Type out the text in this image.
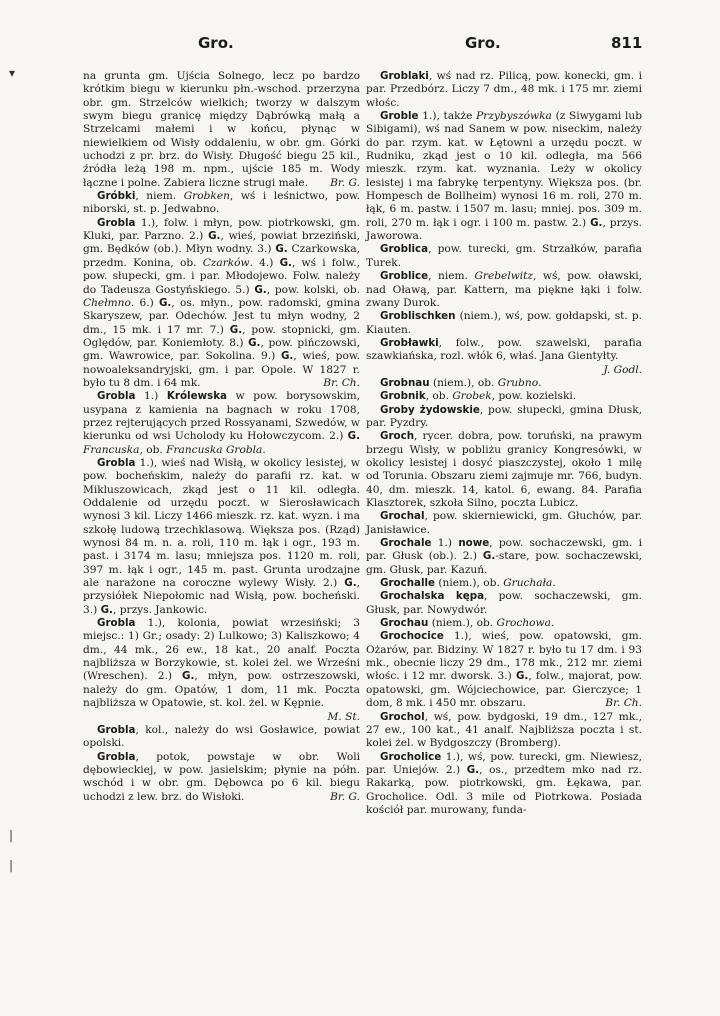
Gro.	Gro.	811
▾
|
|

na grunta gm. Ujścia Solnego, lecz po bardzo krótkim biegu w kierunku płn.-wschod. przerzyna obr. gm. Strzelców wielkich; tworzy w dalszym swym biegu granicę między Dąbrówką małą a Strzelcami małemi i w końcu, płynąc w niewielkiem od Wisły oddaleniu, w obr. gm. Górki uchodzi z pr. brz. do Wisły. Długość biegu 25 kil., źródła leżą 198 m. npm., ujście 185 m. Wody łączne i polne. Zabiera liczne strugi małe.	Br. G.

Gróbki, niem. Grobken, wś i leśnictwo, pow. niborski, st. p. Jedwabno.

Grobla 1.), folw. i młyn, pow. piotrkowski, gm. Kluki, par. Parzno. 2.) G., wieś, powiat brzeziński, gm. Będków (ob.). Młyn wodny. 3.) G. Czarkowska, przedm. Konina, ob. Czarków. 4.) G., wś i folw., pow. słupecki, gm. i par. Młodojewo. Folw. należy do Tadeusza Gostyńskiego. 5.) G., pow. kolski, ob. Chełmno. 6.) G., os. młyn., pow. radomski, gmina Skaryszew, par. Odechów. Jest tu młyn wodny, 2 dm., 15 mk. i 17 mr. 7.) G., pow. stopnicki, gm. Oględów, par. Koniemłoty. 8.) G., pow. pińczowski, gm. Wawrowice, par. Sokolina. 9.) G., wieś, pow. nowoaleksandryjski, gm. i par. Opole. W 1827 r. było tu 8 dm. i 64 mk.	Br. Ch.

Grobla 1.) Królewska w pow. borysowskim, usypana z kamienia na bagnach w roku 1708, przez rejterujących przed Rossyanami, Szwedów, w kierunku od wsi Ucholody ku Hołowczycom. 2.) G. Francuska, ob. Francuska Grobla.

Grobla 1.), wieś nad Wisłą, w okolicy lesistej, w pow. bocheńskim, należy do parafii rz. kat. w Mikluszowicach, zkąd jest o 11 kil. odległa. Oddalenie od urzędu poczt. w Sierosławicach wynosi 3 kil. Liczy 1466 mieszk. rz. kat. wyzn. i ma szkołę ludową trzechklasową. Większa pos. (Rząd) wynosi 84 m. n. a. roli, 110 m. łąk i ogr., 193 m. past. i 3174 m. lasu; mniejsza pos. 1120 m. roli, 397 m. łąk i ogr., 145 m. past. Grunta urodzajne ale narażone na coroczne wylewy Wisły. 2.) G., przysiółek Niepołomic nad Wisłą, pow. bocheński. 3.) G., przys. Jankowic.

Grobla 1.), kolonia, powiat wrzesiński; 3 miejsc.: 1) Gr.; osady: 2) Lulkowo; 3) Kaliszkowo; 4 dm., 44 mk., 26 ew., 18 kat., 20 analf. Poczta najbliższa w Borzykowie, st. kolei żel. we Wrześni (Wreschen). 2.) G., młyn, pow. ostrzeszowski, należy do gm. Opatów, 1 dom, 11 mk. Poczta najbliższa w Opatowie, st. kol. żel. w Kępnie.
M. St.

Grobla, kol., należy do wsi Gosławice, powiat opolski.

Grobla, potok, powstaje w obr. Woli dębowieckiej, w pow. jasielskim; płynie na półn. wschód i w obr. gm. Dębowca po 6 kil. biegu uchodzi z lew. brz. do Wisłoki.	Br. G.

Groblaki, wś nad rz. Pilicą, pow. konecki, gm. i par. Przedbórz. Liczy 7 dm., 48 mk. i 175 mr. ziemi włośc.

Groble 1.), także Przybyszówka (z Siwygami lub Sibigami), wś nad Sanem w pow. niseckim, należy do par. rzym. kat. w Łętowni a urzędu poczt. w Rudniku, zkąd jest o 10 kil. odległa, ma 566 mieszk. rzym. kat. wyznania. Leży w okolicy lesistej i ma fabrykę terpentyny. Większa pos. (br. Hompesch de Bollheim) wynosi 16 m. roli, 270 m. łąk, 6 m. pastw. i 1507 m. lasu; mniej. pos. 309 m. roli, 270 m. łąk i ogr. i 100 m. pastw. 2.) G., przys. Jaworowa.

Groblica, pow. turecki, gm. Strzałków, parafia Turek.

Groblice, niem. Grebelwitz, wś, pow. oławski, nad Oławą, par. Kattern, ma piękne łąki i folw. zwany Durok.

Groblischken (niem.), wś, pow. gołdapski, st. p. Kiauten.

Grobławki, folw., pow. szawelski, parafia szawkiańska, rozl. włók 6, właś. Jana Gientyłty.
J. Godl.

Grobnau (niem.), ob. Grubno.

Grobnik, ob. Grobek, pow. kozielski.

Groby żydowskie, pow. słupecki, gmina Dłusk, par. Pyzdry.

Groch, rycer. dobra, pow. toruński, na prawym brzegu Wisły, w pobliżu granicy Kongresówki, w okolicy lesistej i dosyć piaszczystej, około 1 milę od Torunia. Obszaru ziemi zajmuje mr. 766, budyn. 40, dm. mieszk. 14, katol. 6, ewang. 84. Parafia Klasztorek, szkoła Silno, poczta Lubicz.

Grochal, pow. skierniewicki, gm. Głuchów, par. Janisławice.

Grochale 1.) nowe, pow. sochaczewski, gm. i par. Głusk (ob.). 2.) G.-stare, pow. sochaczewski, gm. Głusk, par. Kazuń.

Grochalle (niem.), ob. Gruchała.

Grochalska kępa, pow. sochaczewski, gm. Głusk, par. Nowydwór.

Grochau (niem.), ob. Grochowa.

Grochocice 1.), wieś, pow. opatowski, gm. Ożarów, par. Bidziny. W 1827 r. było tu 17 dm. i 93 mk., obecnie liczy 29 dm., 178 mk., 212 mr. ziemi włośc. i 12 mr. dworsk. 3.) G., folw., majorat, pow. opatowski, gm. Wójciechowice, par. Gierczyce; 1 dom, 8 mk. i 450 mr. obszaru.	Br. Ch.

Grochol, wś, pow. bydgoski, 19 dm., 127 mk., 27 ew., 100 kat., 41 analf. Najbliższa poczta i st. kolei żel. w Bydgoszczy (Bromberg).

Grocholice 1.), wś, pow. turecki, gm. Niewiesz, par. Uniejów. 2.) G., os., przedtem mko nad rz. Rakarką, pow. piotrkowski, gm. Łękawa, par. Grocholice. Odl. 3 mile od Piotrkowa. Posiada kościół par. murowany, funda-
